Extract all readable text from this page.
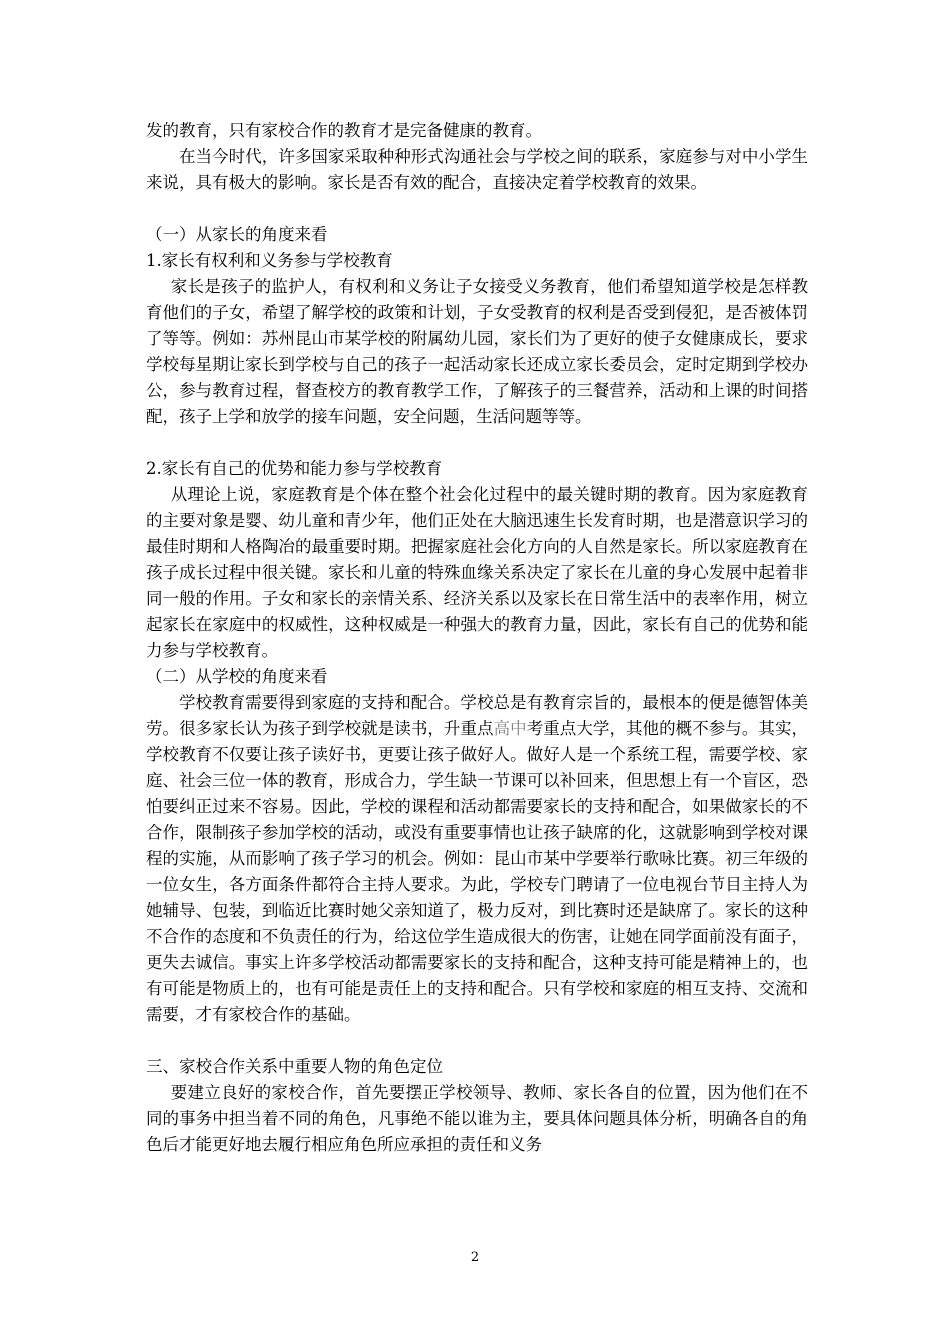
发的教育，只有家校合作的教育才是完备健康的教育。

在当今时代，许多国家采取种种形式沟通社会与学校之间的联系，家庭参与对中小学生来说，具有极大的影响。家长是否有效的配合，直接决定着学校教育的效果。

（一）从家长的角度来看

1.家长有权利和义务参与学校教育

家长是孩子的监护人，有权利和义务让子女接受义务教育，他们希望知道学校是怎样教育他们的子女，希望了解学校的政策和计划，子女受教育的权利是否受到侵犯，是否被体罚了等等。例如：苏州昆山市某学校的附属幼儿园，家长们为了更好的使子女健康成长，要求学校每星期让家长到学校与自己的孩子一起活动家长还成立家长委员会，定时定期到学校办公，参与教育过程，督查校方的教育教学工作，了解孩子的三餐营养，活动和上课的时间搭配，孩子上学和放学的接车问题，安全问题，生活问题等等。

2.家长有自己的优势和能力参与学校教育

从理论上说，家庭教育是个体在整个社会化过程中的最关键时期的教育。因为家庭教育的主要对象是婴、幼儿童和青少年，他们正处在大脑迅速生长发育时期，也是潜意识学习的最佳时期和人格陶冶的最重要时期。把握家庭社会化方向的人自然是家长。所以家庭教育在孩子成长过程中很关键。家长和儿童的特殊血缘关系决定了家长在儿童的身心发展中起着非同一般的作用。子女和家长的亲情关系、经济关系以及家长在日常生活中的表率作用，树立起家长在家庭中的权威性，这种权威是一种强大的教育力量，因此，家长有自己的优势和能力参与学校教育。

（二）从学校的角度来看

学校教育需要得到家庭的支持和配合。学校总是有教育宗旨的，最根本的便是德智体美劳。很多家长认为孩子到学校就是读书，升重点高中考重点大学，其他的概不参与。其实，学校教育不仅要让孩子读好书，更要让孩子做好人。做好人是一个系统工程，需要学校、家庭、社会三位一体的教育，形成合力，学生缺一节课可以补回来，但思想上有一个盲区，恐怕要纠正过来不容易。因此，学校的课程和活动都需要家长的支持和配合，如果做家长的不合作，限制孩子参加学校的活动，或没有重要事情也让孩子缺席的化，这就影响到学校对课程的实施，从而影响了孩子学习的机会。例如：昆山市某中学要举行歌咏比赛。初三年级的一位女生，各方面条件都符合主持人要求。为此，学校专门聘请了一位电视台节目主持人为她辅导、包装，到临近比赛时她父亲知道了，极力反对，到比赛时还是缺席了。家长的这种不合作的态度和不负责任的行为，给这位学生造成很大的伤害，让她在同学面前没有面子，更失去诚信。事实上许多学校活动都需要家长的支持和配合，这种支持可能是精神上的，也有可能是物质上的，也有可能是责任上的支持和配合。只有学校和家庭的相互支持、交流和需要，才有家校合作的基础。

三、家校合作关系中重要人物的角色定位

要建立良好的家校合作，首先要摆正学校领导、教师、家长各自的位置，因为他们在不同的事务中担当着不同的角色，凡事绝不能以谁为主，要具体问题具体分析，明确各自的角色后才能更好地去履行相应角色所应承担的责任和义务

2
